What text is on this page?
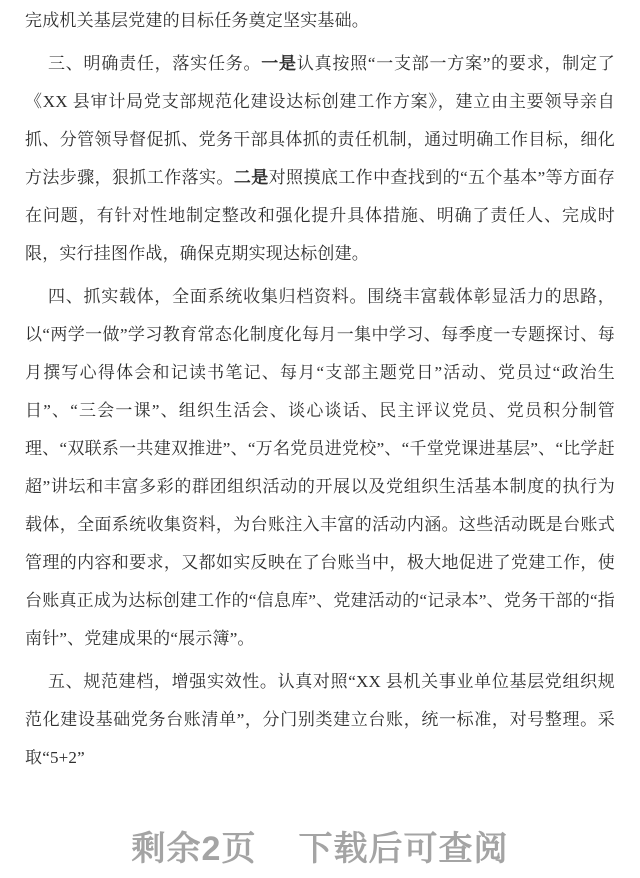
完成机关基层党建的目标任务奠定坚实基础。

三、明确责任，落实任务。一是认真按照“一支部一方案”的要求，制定了《XX 县审计局党支部规范化建设达标创建工作方案》，建立由主要领导亲自抓、分管领导督促抓、党务干部具体抓的责任机制，通过明确工作目标，细化方法步骤，狠抓工作落实。二是对照摸底工作中查找到的“五个基本”等方面存在问题，有针对性地制定整改和强化提升具体措施、明确了责任人、完成时限，实行挂图作战，确保克期实现达标创建。

四、抓实载体，全面系统收集归档资料。围绕丰富载体彰显活力的思路，以“两学一做”学习教育常态化制度化每月一集中学习、每季度一专题探讨、每月撰写心得体会和记读书笔记、每月“支部主题党日”活动、党员过“政治生日”、“三会一课”、组织生活会、谈心谈话、民主评议党员、党员积分制管理、“双联系一共建双推进”、“万名党员进党校”、“千堂党课进基层”、“比学赶超”讲坛和丰富多彩的群团组织活动的开展以及党组织生活基本制度的执行为载体，全面系统收集资料，为台账注入丰富的活动内涵。这些活动既是台账式管理的内容和要求，又都如实反映在了台账当中，极大地促进了党建工作，使台账真正成为达标创建工作的“信息库”、党建活动的“记录本”、党务干部的“指南针”、党建成果的“展示簿”。

五、规范建档，增强实效性。认真对照“XX 县机关事业单位基层党组织规范化建设基础党务台账清单”，分门别类建立台账，统一标准，对号整理。采取“5+2”

剩余2页 下载后可查阅
